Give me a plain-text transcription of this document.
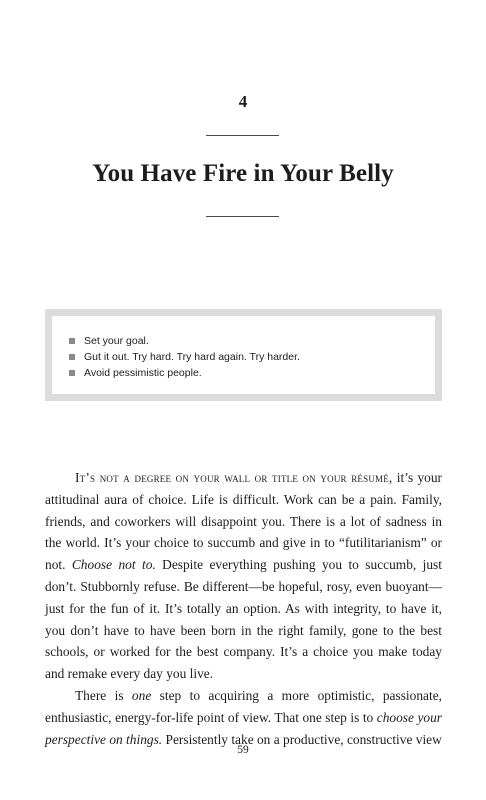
4
You Have Fire in Your Belly
Set your goal.
Gut it out. Try hard. Try hard again. Try harder.
Avoid pessimistic people.

It’s not a degree on your wall or title on your résumé, it’s your attitudinal aura of choice. Life is difficult. Work can be a pain. Family, friends, and coworkers will disappoint you. There is a lot of sadness in the world. It’s your choice to succumb and give in to “futilitarianism” or not. Choose not to. Despite everything pushing you to succumb, just don’t. Stubbornly refuse. Be different—be hopeful, rosy, even buoyant—just for the fun of it. It’s totally an option. As with integrity, to have it, you don’t have to have been born in the right family, gone to the best schools, or worked for the best company. It’s a choice you make today and remake every day you live.

There is one step to acquiring a more optimistic, passionate, enthusiastic, energy-for-life point of view. That one step is to choose your perspective on things. Persistently take on a productive, constructive view

59
